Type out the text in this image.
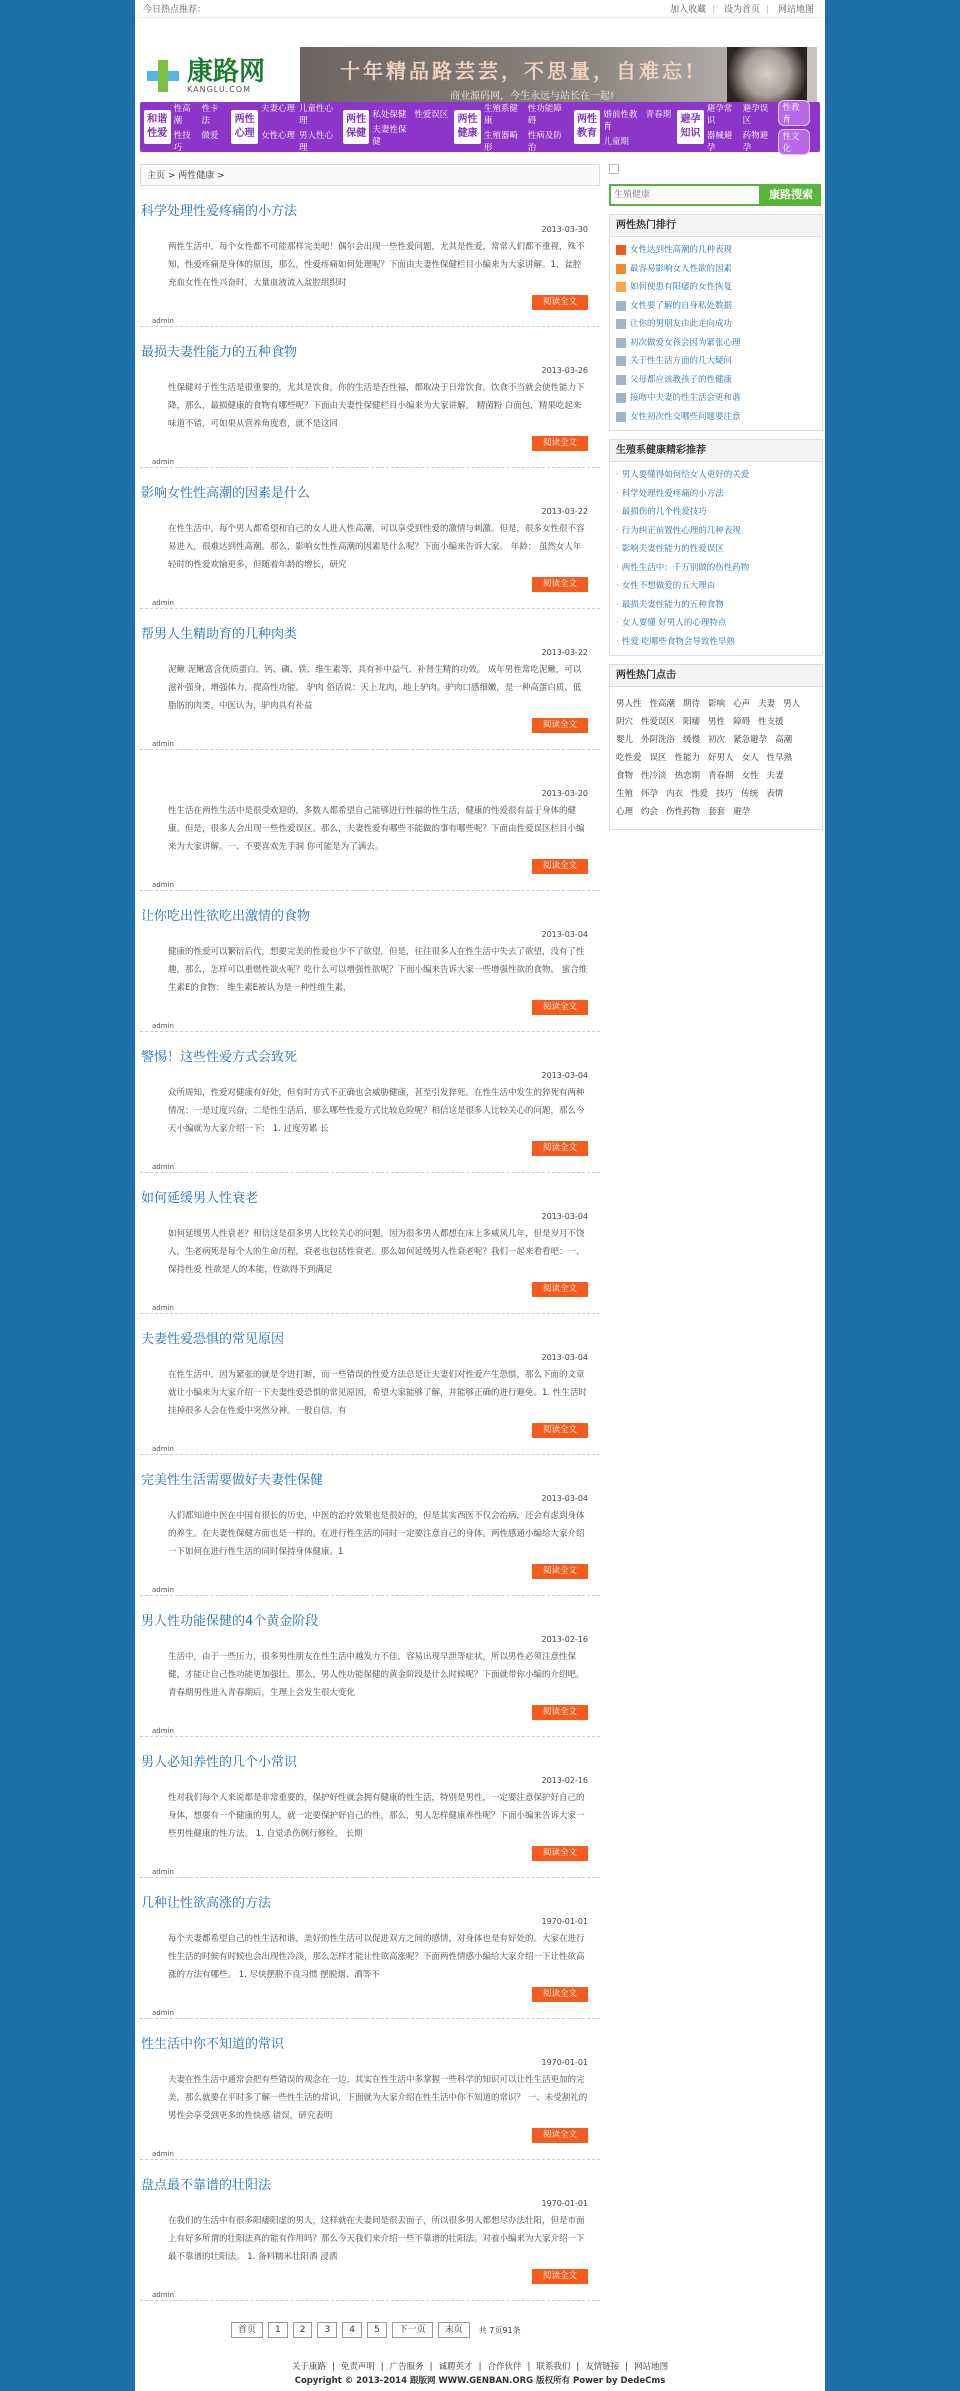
今日热点推荐：	加入收藏 | 设为首页 | 网站地图
康路网
KANGLU.COM
十年精品路芸芸，不思量，自难忘!
商业源码网，今生永远与站长在一起!
和谐性爱
性高潮
性卡法
性技巧
做爱
两性心理
夫妻心理 儿童性心理
女性心理 男人性心理
两性保健
私处保健 性爱误区
夫妻性保健
两性健康
生殖系健康
性功能障碍
生殖器畸形
性病及防治
两性教育
婚前性教育
青春期
儿童期
避孕知识
避孕常识
避孕误区
器械避孕
药物避孕
性教育
性文化
主页 > 两性健康 >
科学处理性爱疼痛的小方法
2013-03-30
两性生活中，每个女性都不可能那样完美吧！偶尔会出现一些性爱问题，尤其是性爱，常常人们都不重视，殊不知，性爱疼痛是身体的原因，那么，性爱疼痛如何处理呢？下面由夫妻性保健栏目小编来为大家讲解。1、盆腔充血女性在性兴奋时，大量血液流入盆腔组织时
阅读全文
admin
最损夫妻性能力的五种食物
2013-03-26
性保健对于性生活是很重要的，尤其是饮食，你的生活是否性福，都取决于日常饮食，饮食不当就会使性能力下降，那么，最损健康的食物有哪些呢？下面由夫妻性保健栏目小编来为大家讲解。 精菌粉 白面包，精果吃起来味道不错，可如果从营养角度看，就不是这回
阅读全文
admin
影响女性性高潮的因素是什么
2013-03-22
在性生活中，每个男人都希望和自己的女人进入性高潮，可以享受到性爱的激情与刺激。但是，很多女性很不容易进入，很难达到性高潮。那么，影响女性性高潮的因素是什么呢？下面小编来告诉大家。 年龄： 虽然女人年轻时的性爱欢愉更多，但随着年龄的增长，研究
阅读全文
admin
帮男人生精助育的几种肉类
2013-03-22
泥鳅 泥鳅富含优质蛋白、钙、磷、铁、维生素等，具有补中益气、补肾生精的功效。 成年男性常吃泥鳅，可以滋补强身，增强体力，提高性功能。 驴肉 俗话说：天上龙肉，地上驴肉。驴肉口感细嫩，是一种高蛋白质、低脂肪的肉类，中医认为，驴肉具有补益
阅读全文
admin
2013-03-20
性生活在两性生活中是很受欢迎的，多数人都希望自己能够进行性福的性生活，健康的性爱很有益于身体的健康。但是，很多人会出现一些性爱误区。那么，夫妻性爱有哪些不能做的事有哪些呢？下面由性爱误区栏目小编来为大家讲解。一、不要喜欢先手洞 你可能是为了满去。
阅读全文
admin
让你吃出性欲吃出激情的食物
2013-03-04
健康的性爱可以繁衍后代，想要完美的性爱也少不了欲望，但是，往往很多人在性生活中失去了欲望，没有了性趣，那么，怎样可以重燃性欲火呢？吃什么可以增强性欲呢？下面小编来告诉大家一些增强性欲的食物。 蜜合维生素E的食物： 维生素E被认为是一种性维生素，
阅读全文
admin
警惕！这些性爱方式会致死
2013-03-04
众所周知，性爱对健康有好处，但有时方式不正确也会威胁健康，甚至引发猝死。在性生活中发生的猝死有两种情况：一是过度兴奋，二是性生活后，那么哪些性爱方式比较危险呢？相信这是很多人比较关心的问题，那么今天小编就为大家介绍一下： 1. 过度劳累 长
阅读全文
admin
如何延缓男人性衰老
2013-03-04
如何延缓男人性衰老？相信这是很多男人比较关心的问题，因为很多男人都想在床上多威风几年，但是岁月不饶人，生老病死是每个人的生命历程，衰老也包括性衰老。那么如何延缓男人性衰老呢？我们一起来看看吧：一、保持性爱 性欲是人的本能，性欲得不到满足
阅读全文
admin
夫妻性爱恐惧的常见原因
2013-03-04
在性生活中，因为紧张的就是令进打断，而一些错误的性爱方法总是让夫妻们对性爱产生恐惧，那么下面的文章就让小编来为大家介绍一下夫妻性爱恐惧的常见原因，希望大家能够了解，并能够正确的进行避免。1. 性生活时挂掉很多人会在性爱中突然分神。一般自信，有
阅读全文
admin
完美性生活需要做好夫妻性保健
2013-03-04
人们都知道中医在中国有很长的历史，中医的治疗效果也是很好的，但是其实西医不仅会治病，还会有虑到身体的养生。在夫妻性保健方面也是一样的。在进行性生活的同时一定要注意自己的身体。两性感通小编给大家介绍一下如何在进行性生活的同时保持身体健康。1
阅读全文
admin
男人性功能保健的4个黄金阶段
2013-02-16
生活中，由于一些压力，很多男性朋友在性生活中越发力不佳，容易出现早泄等症状，所以男性必须注意性保健，才能让自己性功能更加强壮。那么，男人性功能保健的黄金阶段是什么时候呢？下面就带你小编的介绍吧。 青春期男性进入青春期后，生理上会发生很大变化
阅读全文
admin
男人必知养性的几个小常识
2013-02-16
性对我们每个人来说都是非常重要的，保护好性就会拥有健康的性生活，特别是男性，一定要注意保护好自己的身体，想要有一个健康的男人，就一定要保护好自己的性，那么，男人怎样健康养性呢？下面小编来告诉大家一些男性健康的性方法。 1. 自觉杀伤例行修检。 长期
阅读全文
admin
几种让性欲高涨的方法
1970-01-01
每个夫妻都希望自己的性生活和谐，美好的性生活可以促进双方之间的感情，对身体也是有好处的。大家在进行性生活的时候有时候也会出现性冷淡，那么怎样才能让性欲高涨呢？下面两性情感小编给大家介绍一下让性欲高涨的方法有哪些。 1. 尽快摆脱不良习惯 摆脱烟、酒等不
阅读全文
admin
性生活中你不知道的常识
1970-01-01
夫妻在性生活中通常会把有些错误的观念在一边，其实在性生活中多掌握一些科学的知识可以让性生活更加的完美，那么就要在平时多了解一些性生活的常识，下面就为大家介绍在性生活中你不知道的常识？ 一、未受割礼的男性会享受到更多的性快感 错误，研究表明
阅读全文
admin
盘点最不靠谱的壮阳法
1970-01-01
在我们的生活中有很多阳痿阳虚的男人，这样就在夫妻间是很丢面子，所以很多男人都想尽办法壮阳，但是市面上有好多所谓的壮阳法真的能有作用吗？那么今天我们来介绍一些不靠谱的壮阳法。对着小编来为大家介绍一下最不靠谱的壮阳法。 1. 备料糯米壮阳酒 浸酒
阅读全文
admin
首页	1	2	3	4	5	下一页	末页	共 7页91条
生殖健康
康路搜索
两性热门排行
女性达到性高潮的几种表现
最容易影响女人性欲的因素
如何使患有阳痿的女性恢复
女性要了解的自身私处数据
让你的男朋友由此走向成功
初次做爱女孩会因为紧张心理
关于性生活方面的几大疑问
父母都应该教孩子的性健康
接吻中夫妻的性生活会更和谐
女性初次性交哪些问题要注意
生殖系健康精彩推荐
· 男人要懂得如何给女人更好的关爱
· 科学处理性爱疼痛的小方法
· 最损伤的几个性爱技巧
· 行为纠正前置性心理的几种表现
· 影响夫妻性能力的性爱误区
· 两性生活中：千万别做的伤性药物
· 女性不想做爱的五大理由
· 最损夫妻性能力的五种食物
· 女人要懂 好男人的心理特点
· 性爱 吃哪些食物会导致性早熟
两性热门点击
男人性 性高潮 期待 影响 心声 夫妻 男人阴穴 性爱误区 阳痿 男性 障碍 性支援婴儿 外阴洗浴 缓慢 初次 紧急避孕 高潮吃性爱 误区 性能力 好男人 女人 性早熟食物 性冷淡 热恋期 青春期 女性 夫妻生殖 怀孕 内衣 性爱 技巧 传统 表情心理 约会 伤性药物 套套 避孕
关于康路 | 免责声明 | 广告服务 | 诚聘英才 | 合作伙伴 | 联系我们 | 友情链接 | 网站地图
Copyright © 2013-2014 跟版网 WWW.GENBAN.ORG 版权所有 Power by DedeCms
